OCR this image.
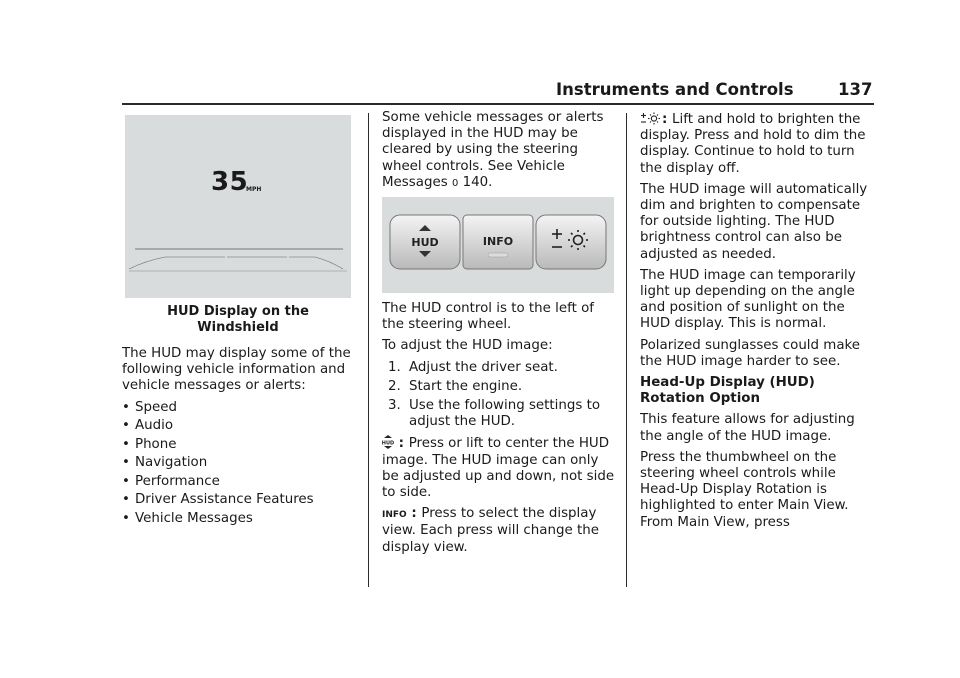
Instruments and Controls	137
35
MPH
HUD Display on the Windshield

The HUD may display some of the following vehicle information and vehicle messages or alerts:

• Speed
• Audio
• Phone
• Navigation
• Performance
• Driver Assistance Features
• Vehicle Messages
Some vehicle messages or alerts displayed in the HUD may be cleared by using the steering wheel controls. See Vehicle Messages 0 140.
HUD	INFO

The HUD control is to the left of the steering wheel.

To adjust the HUD image:

1. Adjust the driver seat.
2. Start the engine.
3. Use the following settings to adjust the HUD.

HUD : Press or lift to center the HUD image. The HUD image can only be adjusted up and down, not side to side.

INFO : Press to select the display view. Each press will change the display view.

: Lift and hold to brighten the display. Press and hold to dim the display. Continue to hold to turn the display off.

The HUD image will automatically dim and brighten to compensate for outside lighting. The HUD brightness control can also be adjusted as needed.

The HUD image can temporarily light up depending on the angle and position of sunlight on the HUD display. This is normal.

Polarized sunglasses could make the HUD image harder to see.

Head-Up Display (HUD) Rotation Option

This feature allows for adjusting the angle of the HUD image.

Press the thumbwheel on the steering wheel controls while Head-Up Display Rotation is highlighted to enter Main View. From Main View, press
